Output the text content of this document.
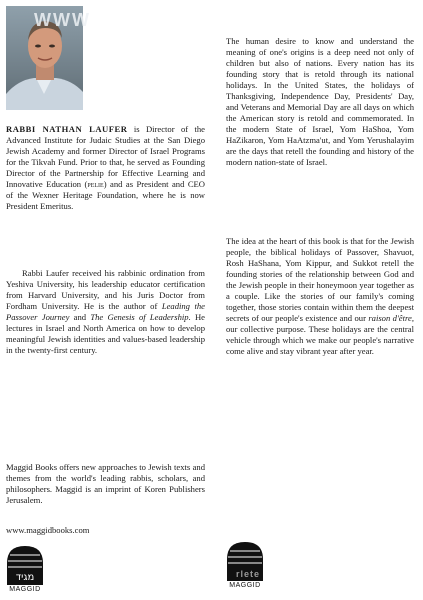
WWW

RABBI NATHAN LAUFER is Director of the Advanced Institute for Judaic Studies at the San Diego Jewish Academy and former Director of Israel Programs for the Tikvah Fund. Prior to that, he served as Founding Director of the Partnership for Effective Learning and Innovative Education (pelie) and as President and CEO of the Wexner Heritage Foundation, where he is now President Emeritus.

Rabbi Laufer received his rabbinic ordination from Yeshiva University, his leadership educator certification from Harvard University, and his Juris Doctor from Fordham University. He is the author of Leading the Passover Journey and The Genesis of Leadership. He lectures in Israel and North America on how to develop meaningful Jewish identities and values-based leadership in the twenty-first century.

Maggid Books offers new approaches to Jewish texts and themes from the world's leading rabbis, scholars, and philosophers. Maggid is an imprint of Koren Publishers Jerusalem.

www.maggidbooks.com

The human desire to know and understand the meaning of one's origins is a deep need not only of children but also of nations. Every nation has its founding story that is retold through its national holidays. In the United States, the holidays of Thanksgiving, Independence Day, Presidents' Day, and Veterans and Memorial Day are all days on which the American story is retold and commemorated. In the modern State of Israel, Yom HaShoa, Yom HaZikaron, Yom HaAtzma'ut, and Yom Yerushalayim are the days that retell the founding and history of the modern nation-state of Israel.

The idea at the heart of this book is that for the Jewish people, the biblical holidays of Passover, Shavuot, Rosh HaShana, Yom Kippur, and Sukkot retell the founding stories of the relationship between God and the Jewish people in their honeymoon year together as a couple. Like the stories of our family's coming together, those stories contain within them the deepest secrets of our people's existence and our raison d'être, our collective purpose. These holidays are the central vehicle through which we make our people's narrative come alive and stay vibrant year after year.

מגיד
MAGGID
rlete
MAGGID
